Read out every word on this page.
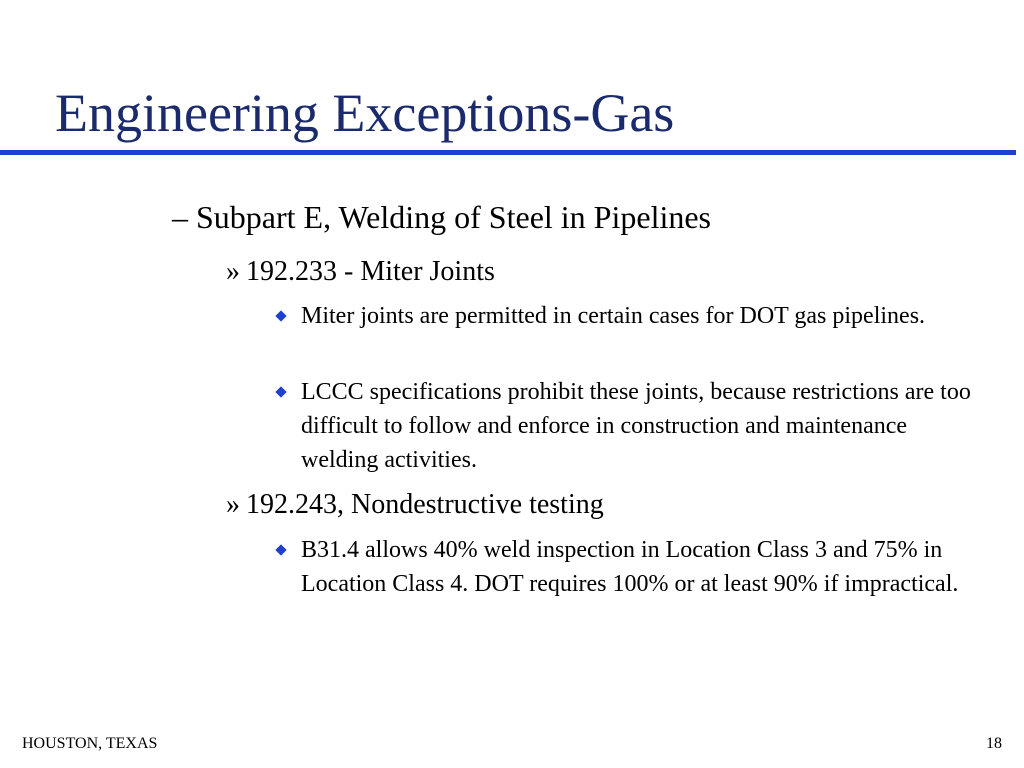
Engineering Exceptions-Gas
– Subpart E, Welding of Steel in Pipelines
» 192.233 - Miter Joints
Miter joints are permitted in certain cases for DOT gas pipelines.
LCCC specifications prohibit these joints, because restrictions are too difficult to follow and enforce in construction and maintenance welding activities.
» 192.243, Nondestructive testing
B31.4 allows 40% weld inspection in Location Class 3 and 75% in Location Class 4. DOT requires 100% or at least 90% if impractical.
HOUSTON, TEXAS	18
